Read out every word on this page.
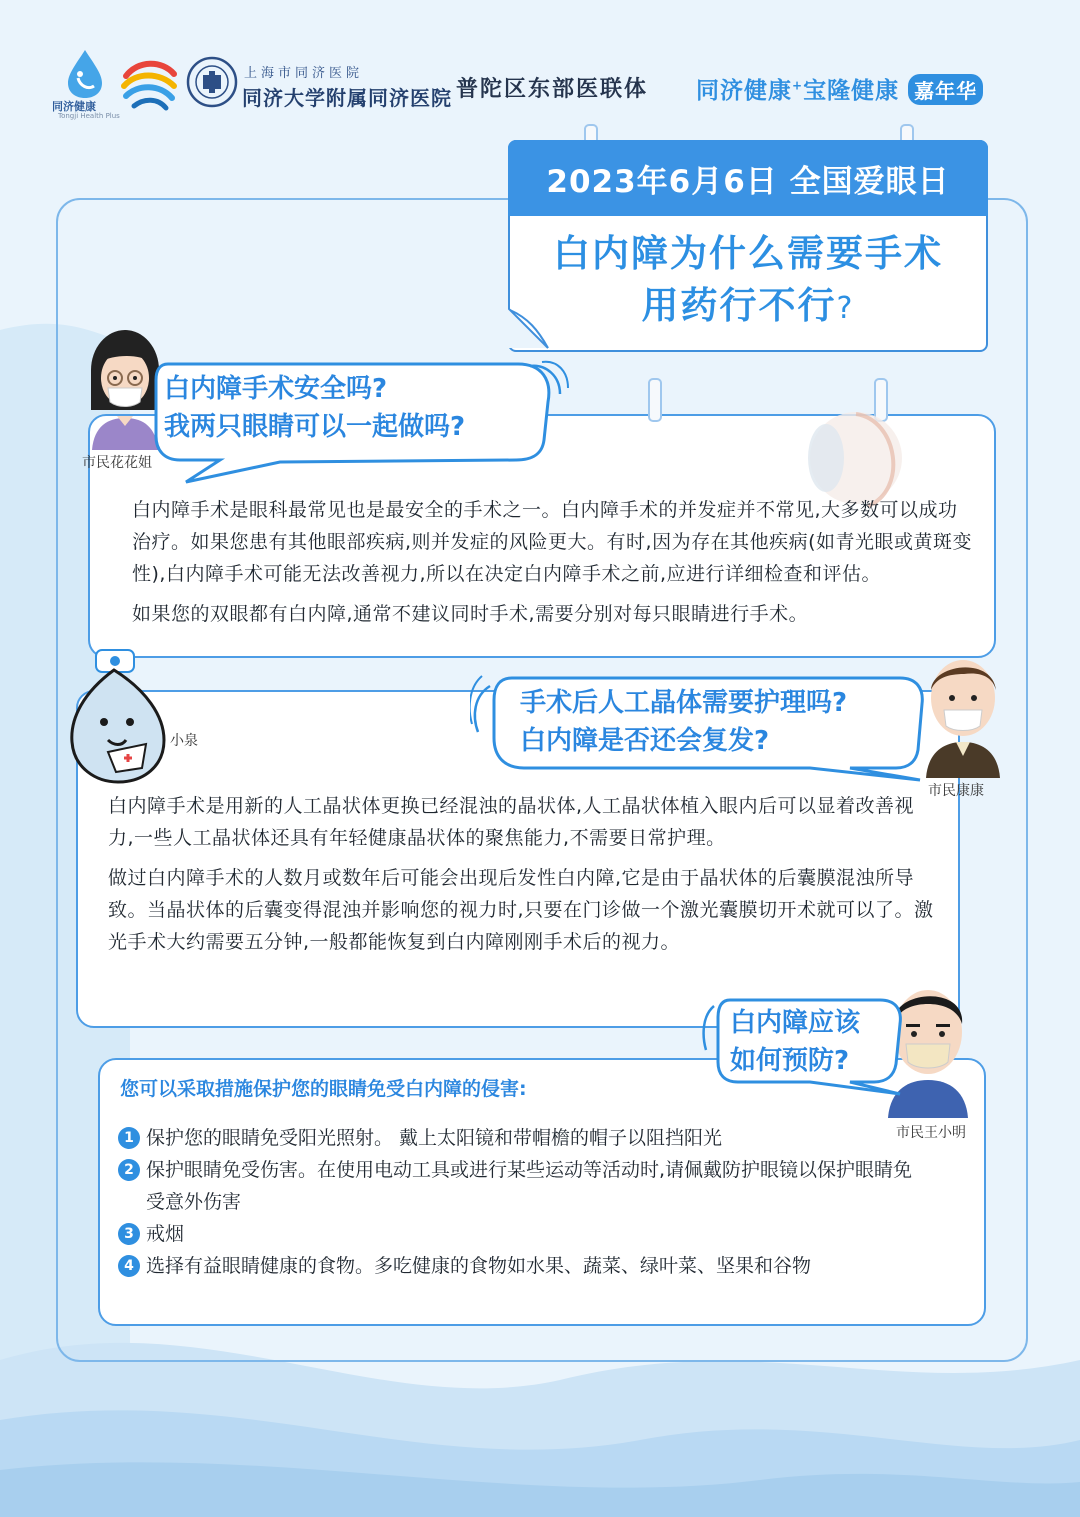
同济健康
Tongji Health Plus
上海市同济医院
同济大学附属同济医院 普陀区东部医联体 同济健康+宝隆健康 嘉年华
2023年6月6日 全国爱眼日
白内障为什么需要手术
用药行不行?
市民花花姐
白内障手术安全吗?
我两只眼睛可以一起做吗?

白内障手术是眼科最常见也是最安全的手术之一。白内障手术的并发症并不常见,大多数可以成功治疗。如果您患有其他眼部疾病,则并发症的风险更大。有时,因为存在其他疾病(如青光眼或黄斑变性),白内障手术可能无法改善视力,所以在决定白内障手术之前,应进行详细检查和评估。

如果您的双眼都有白内障,通常不建议同时手术,需要分别对每只眼睛进行手术。

小泉
市民康康
手术后人工晶体需要护理吗?
白内障是否还会复发?

白内障手术是用新的人工晶状体更换已经混浊的晶状体,人工晶状体植入眼内后可以显着改善视力,一些人工晶状体还具有年轻健康晶状体的聚焦能力,不需要日常护理。

做过白内障手术的人数月或数年后可能会出现后发性白内障,它是由于晶状体的后囊膜混浊所导致。当晶状体的后囊变得混浊并影响您的视力时,只要在门诊做一个激光囊膜切开术就可以了。激光手术大约需要五分钟,一般都能恢复到白内障刚刚手术后的视力。

市民王小明
白内障应该
如何预防?
您可以采取措施保护您的眼睛免受白内障的侵害:
1 保护您的眼睛免受阳光照射。 戴上太阳镜和带帽檐的帽子以阻挡阳光
2 保护眼睛免受伤害。在使用电动工具或进行某些运动等活动时,请佩戴防护眼镜以保护眼睛免受意外伤害
3 戒烟
4 选择有益眼睛健康的食物。多吃健康的食物如水果、蔬菜、绿叶菜、坚果和谷物
